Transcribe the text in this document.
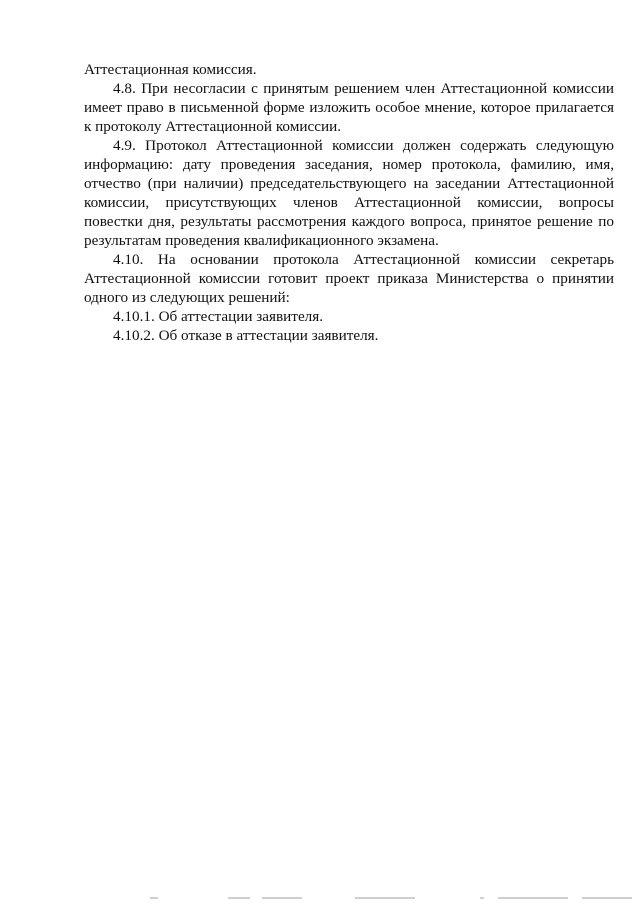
Аттестационная комиссия.

4.8. При несогласии с принятым решением член Аттестационной комиссии имеет право в письменной форме изложить особое мнение, которое прилагается к протоколу Аттестационной комиссии.

4.9. Протокол Аттестационной комиссии должен содержать следующую информацию: дату проведения заседания, номер протокола, фамилию, имя, отчество (при наличии) председательствующего на заседании Аттестационной комиссии, присутствующих членов Аттестационной комиссии, вопросы повестки дня, результаты рассмотрения каждого вопроса, принятое решение по результатам проведения квалификационного экзамена.

4.10. На основании протокола Аттестационной комиссии секретарь Аттестационной комиссии готовит проект приказа Министерства о принятии одного из следующих решений:

4.10.1. Об аттестации заявителя.

4.10.2. Об отказе в аттестации заявителя.
